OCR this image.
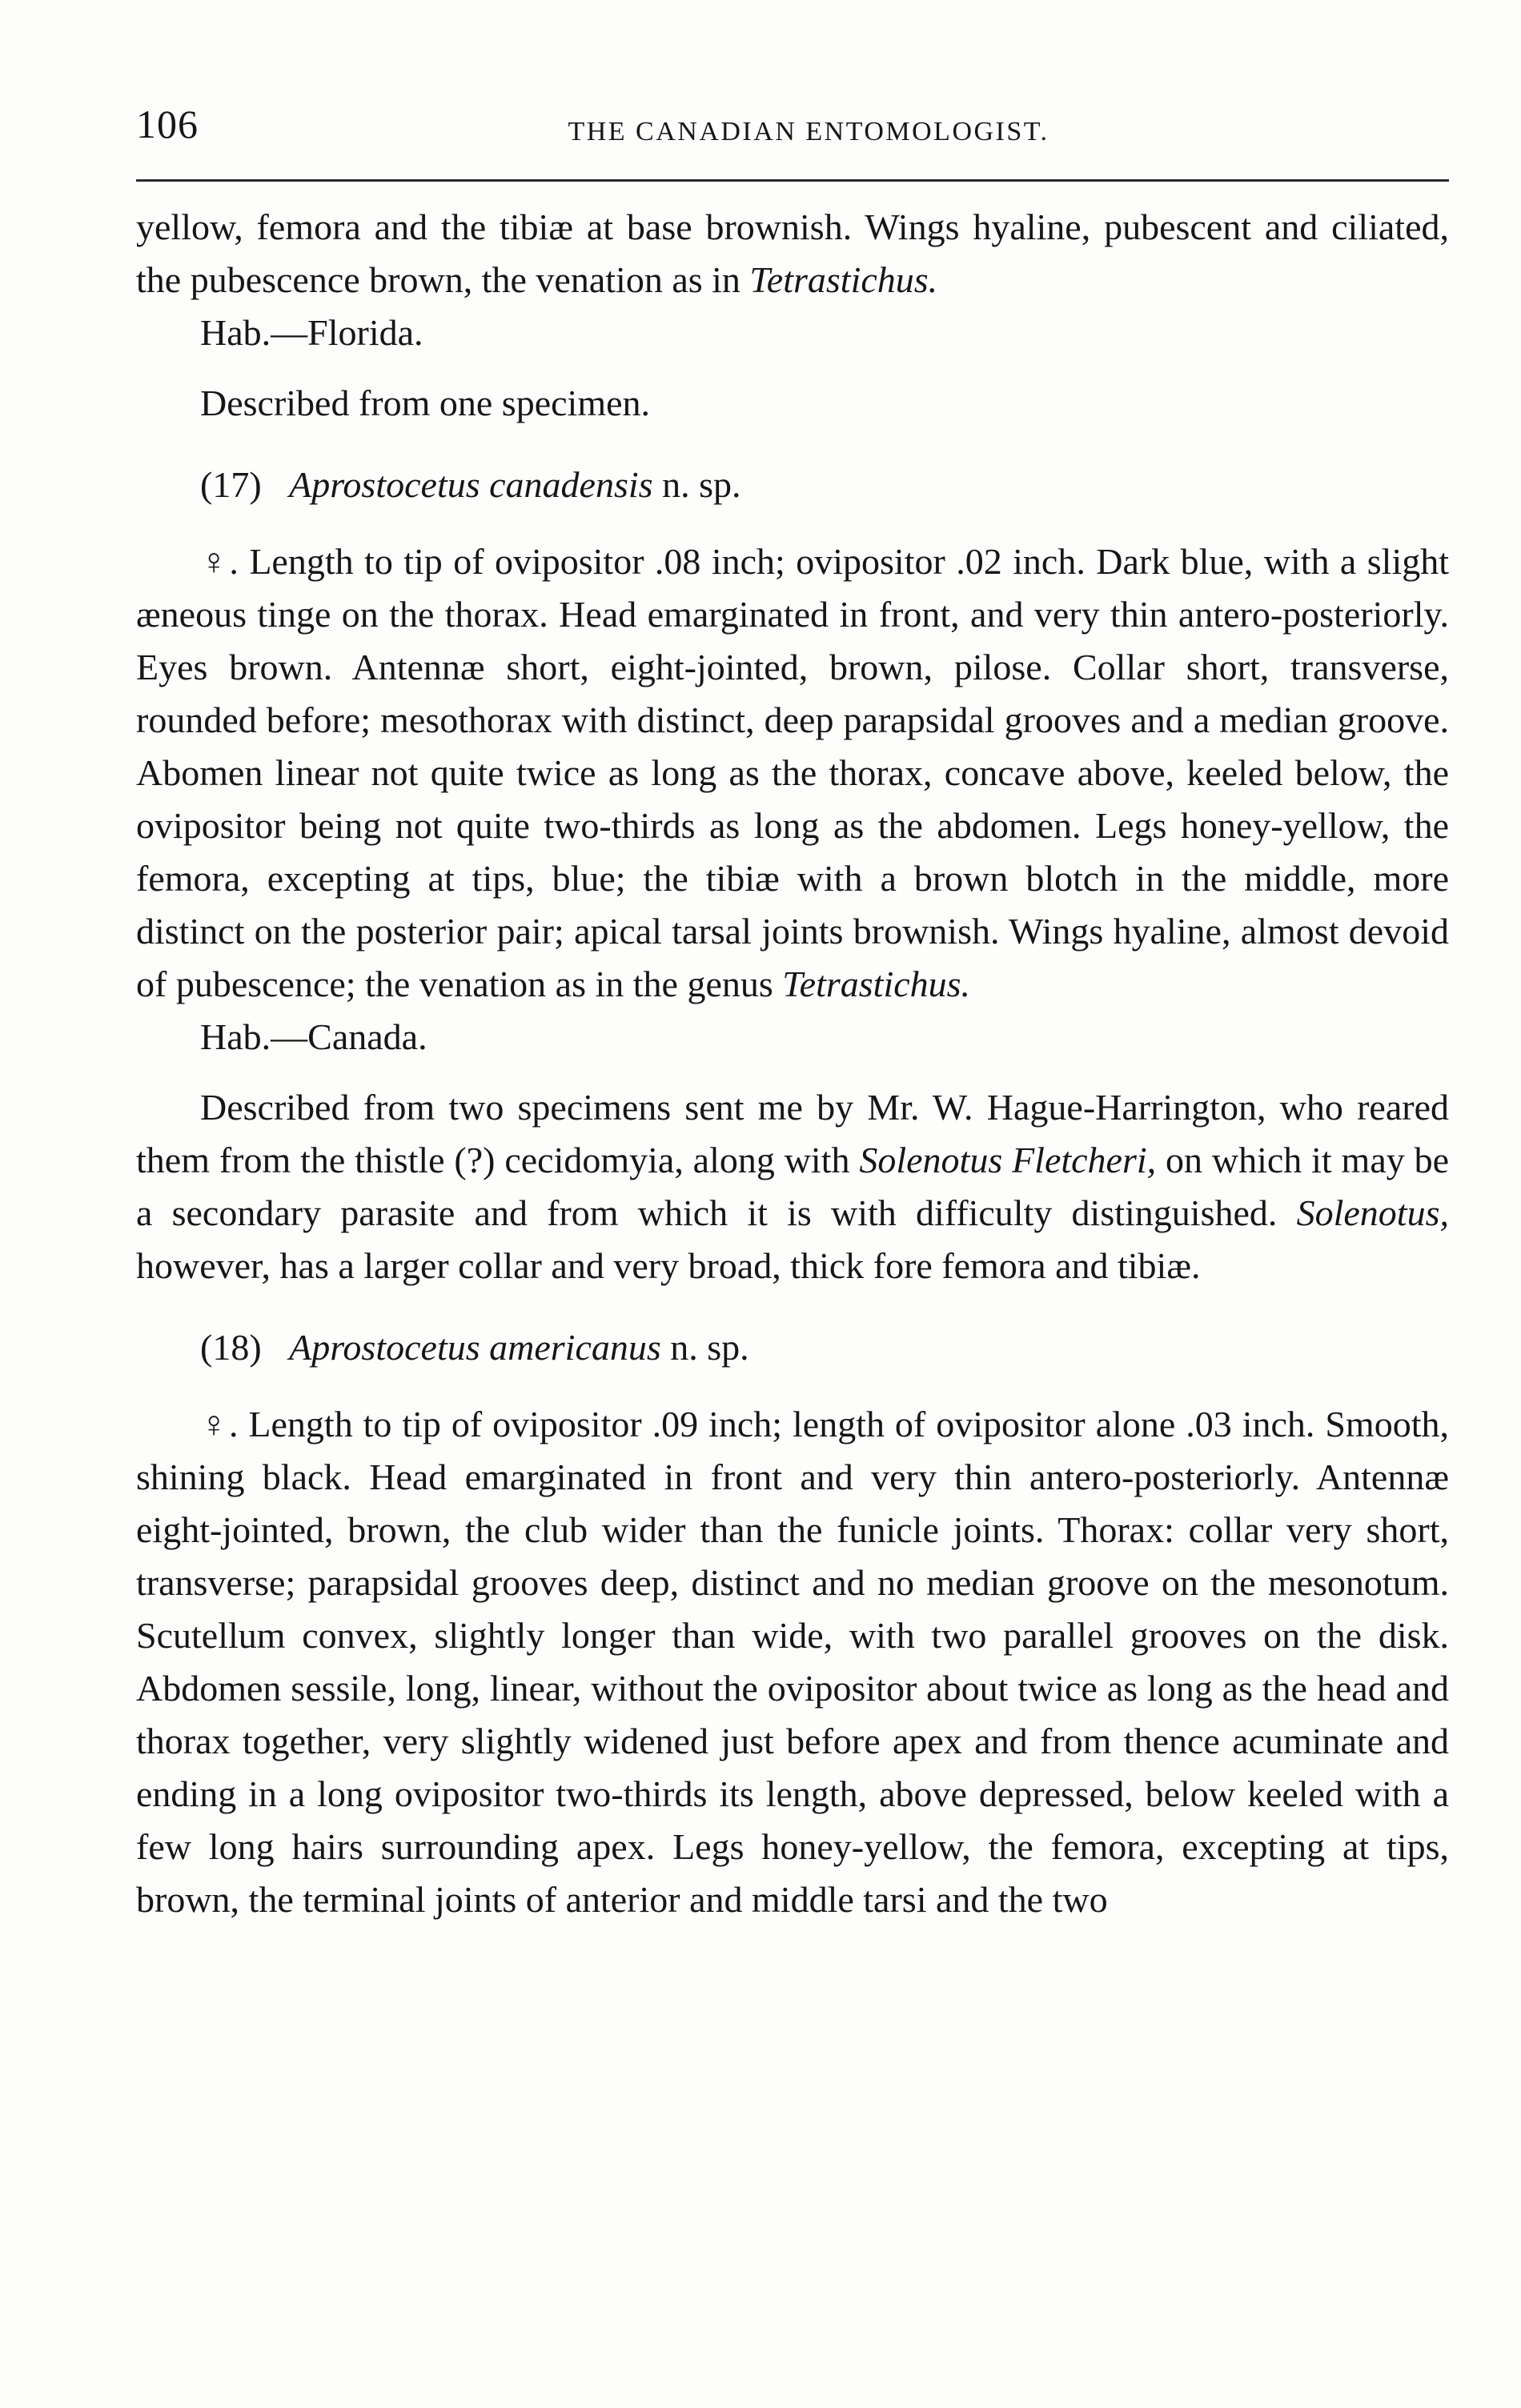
106	THE CANADIAN ENTOMOLOGIST.

yellow, femora and the tibiæ at base brownish. Wings hyaline, pubescent and ciliated, the pubescence brown, the venation as in Tetrastichus.

Hab.—Florida.

Described from one specimen.

(17) Aprostocetus canadensis n. sp.

♀. Length to tip of ovipositor .08 inch; ovipositor .02 inch. Dark blue, with a slight æneous tinge on the thorax. Head emarginated in front, and very thin antero-posteriorly. Eyes brown. Antennæ short, eight-jointed, brown, pilose. Collar short, transverse, rounded before; mesothorax with distinct, deep parapsidal grooves and a median groove. Abomen linear not quite twice as long as the thorax, concave above, keeled below, the ovipositor being not quite two-thirds as long as the abdomen. Legs honey-yellow, the femora, excepting at tips, blue; the tibiæ with a brown blotch in the middle, more distinct on the posterior pair; apical tarsal joints brownish. Wings hyaline, almost devoid of pubescence; the venation as in the genus Tetrastichus.

Hab.—Canada.

Described from two specimens sent me by Mr. W. Hague-Harrington, who reared them from the thistle (?) cecidomyia, along with Solenotus Fletcheri, on which it may be a secondary parasite and from which it is with difficulty distinguished. Solenotus, however, has a larger collar and very broad, thick fore femora and tibiæ.

(18) Aprostocetus americanus n. sp.

♀. Length to tip of ovipositor .09 inch; length of ovipositor alone .03 inch. Smooth, shining black. Head emarginated in front and very thin antero-posteriorly. Antennæ eight-jointed, brown, the club wider than the funicle joints. Thorax: collar very short, transverse; parapsidal grooves deep, distinct and no median groove on the mesonotum. Scutellum convex, slightly longer than wide, with two parallel grooves on the disk. Abdomen sessile, long, linear, without the ovipositor about twice as long as the head and thorax together, very slightly widened just before apex and from thence acuminate and ending in a long ovipositor two-thirds its length, above depressed, below keeled with a few long hairs surrounding apex. Legs honey-yellow, the femora, excepting at tips, brown, the terminal joints of anterior and middle tarsi and the two
